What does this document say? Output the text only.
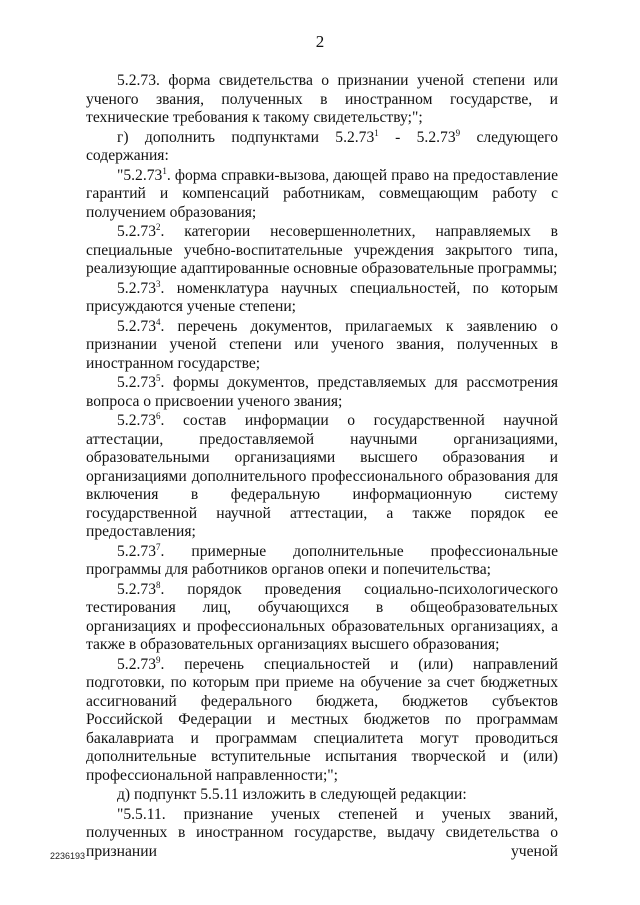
2

5.2.73. форма свидетельства о признании ученой степени или ученого звания, полученных в иностранном государстве, и технические требования к такому свидетельству;";

г) дополнить подпунктами 5.2.73$^1$ - 5.2.73$^9$ следующего содержания:

"5.2.73$^1$. форма справки-вызова, дающей право на предоставление гарантий и компенсаций работникам, совмещающим работу с получением образования;

5.2.73$^2$. категории несовершеннолетних, направляемых в специальные учебно-воспитательные учреждения закрытого типа, реализующие адаптированные основные образовательные программы;

5.2.73$^3$. номенклатура научных специальностей, по которым присуждаются ученые степени;

5.2.73$^4$. перечень документов, прилагаемых к заявлению о признании ученой степени или ученого звания, полученных в иностранном государстве;

5.2.73$^5$. формы документов, представляемых для рассмотрения вопроса о присвоении ученого звания;

5.2.73$^6$. состав информации о государственной научной аттестации, предоставляемой научными организациями, образовательными организациями высшего образования и организациями дополнительного профессионального образования для включения в федеральную информационную систему государственной научной аттестации, а также порядок ее предоставления;

5.2.73$^7$. примерные дополнительные профессиональные программы для работников органов опеки и попечительства;

5.2.73$^8$. порядок проведения социально-психологического тестирования лиц, обучающихся в общеобразовательных организациях и профессиональных образовательных организациях, а также в образовательных организациях высшего образования;

5.2.73$^9$. перечень специальностей и (или) направлений подготовки, по которым при приеме на обучение за счет бюджетных ассигнований федерального бюджета, бюджетов субъектов Российской Федерации и местных бюджетов по программам бакалавриата и программам специалитета могут проводиться дополнительные вступительные испытания творческой и (или) профессиональной направленности;";

д) подпункт 5.5.11 изложить в следующей редакции:

"5.5.11. признание ученых степеней и ученых званий, полученных в иностранном государстве, выдачу свидетельства о признании ученой

2236193
